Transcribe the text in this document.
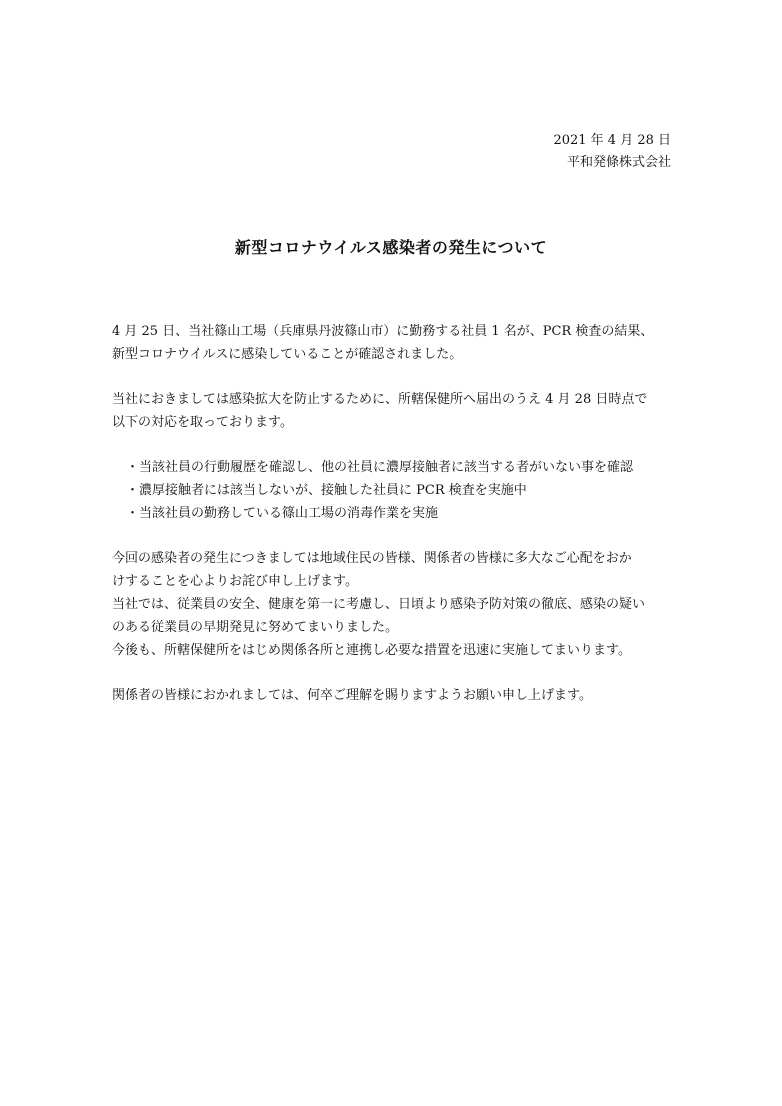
2021 年 4 月 28 日
平和発條株式会社
新型コロナウイルス感染者の発生について

4 月 25 日、当社篠山工場（兵庫県丹波篠山市）に勤務する社員 1 名が、PCR 検査の結果、
新型コロナウイルスに感染していることが確認されました。

当社におきましては感染拡大を防止するために、所轄保健所へ届出のうえ 4 月 28 日時点で
以下の対応を取っております。

・当該社員の行動履歴を確認し、他の社員に濃厚接触者に該当する者がいない事を確認
・濃厚接触者には該当しないが、接触した社員に PCR 検査を実施中
・当該社員の勤務している篠山工場の消毒作業を実施

今回の感染者の発生につきましては地域住民の皆様、関係者の皆様に多大なご心配をおか
けすることを心よりお詫び申し上げます。
当社では、従業員の安全、健康を第一に考慮し、日頃より感染予防対策の徹底、感染の疑い
のある従業員の早期発見に努めてまいりました。
今後も、所轄保健所をはじめ関係各所と連携し必要な措置を迅速に実施してまいります。

関係者の皆様におかれましては、何卒ご理解を賜りますようお願い申し上げます。
